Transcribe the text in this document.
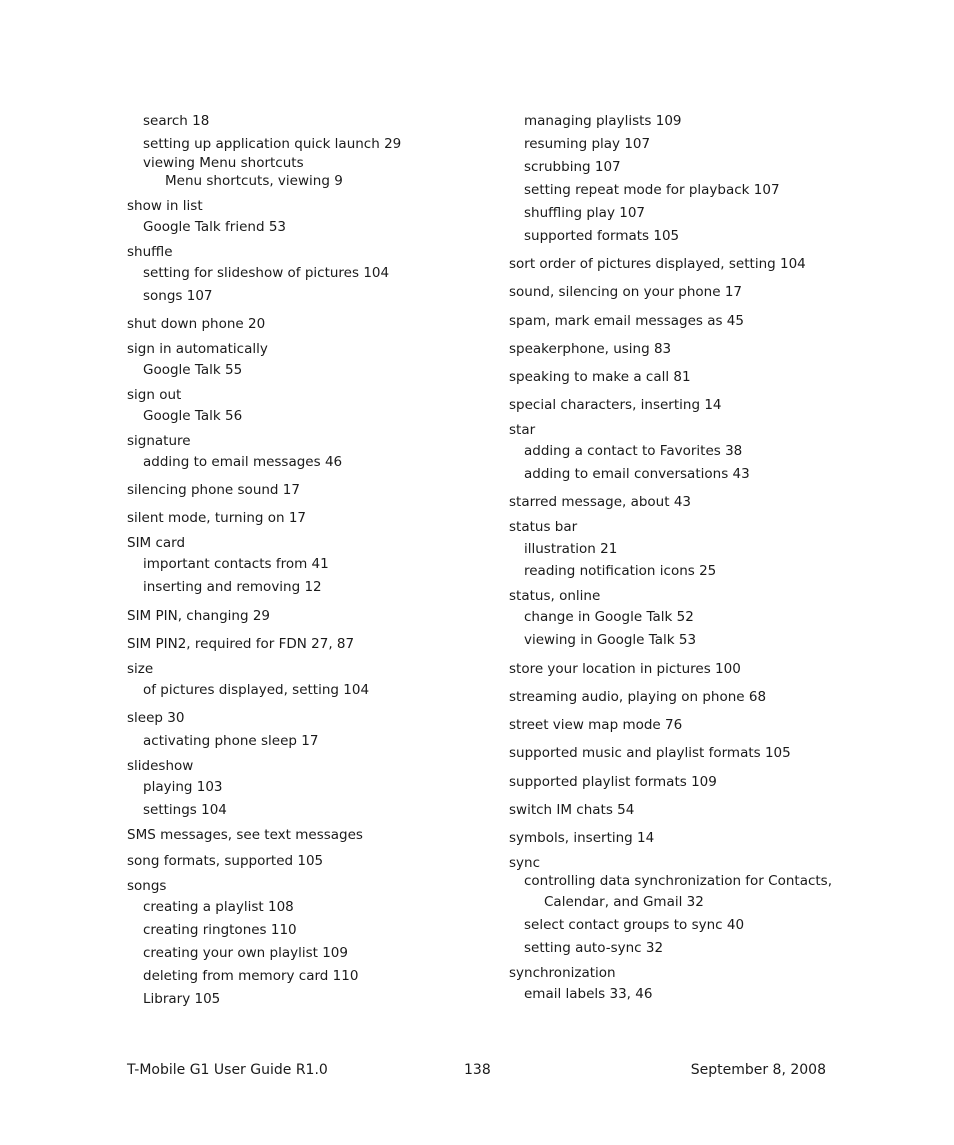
search 18
setting up application quick launch 29
viewing Menu shortcuts
Menu shortcuts, viewing 9
show in list
Google Talk friend 53
shuffle
setting for slideshow of pictures 104
songs 107
shut down phone 20
sign in automatically
Google Talk 55
sign out
Google Talk 56
signature
adding to email messages 46
silencing phone sound 17
silent mode, turning on 17
SIM card
important contacts from 41
inserting and removing 12
SIM PIN, changing 29
SIM PIN2, required for FDN 27, 87
size
of pictures displayed, setting 104
sleep 30
activating phone sleep 17
slideshow
playing 103
settings 104
SMS messages, see text messages
song formats, supported 105
songs
creating a playlist 108
creating ringtones 110
creating your own playlist 109
deleting from memory card 110
Library 105
managing playlists 109
resuming play 107
scrubbing 107
setting repeat mode for playback 107
shuffling play 107
supported formats 105
sort order of pictures displayed, setting 104
sound, silencing on your phone 17
spam, mark email messages as 45
speakerphone, using 83
speaking to make a call 81
special characters, inserting 14
star
adding a contact to Favorites 38
adding to email conversations 43
starred message, about 43
status bar
illustration 21
reading notification icons 25
status, online
change in Google Talk 52
viewing in Google Talk 53
store your location in pictures 100
streaming audio, playing on phone 68
street view map mode 76
supported music and playlist formats 105
supported playlist formats 109
switch IM chats 54
symbols, inserting 14
sync
controlling data synchronization for Contacts,
Calendar, and Gmail 32
select contact groups to sync 40
setting auto-sync 32
synchronization
email labels 33, 46
T-Mobile G1 User Guide R1.0	138	September 8, 2008
